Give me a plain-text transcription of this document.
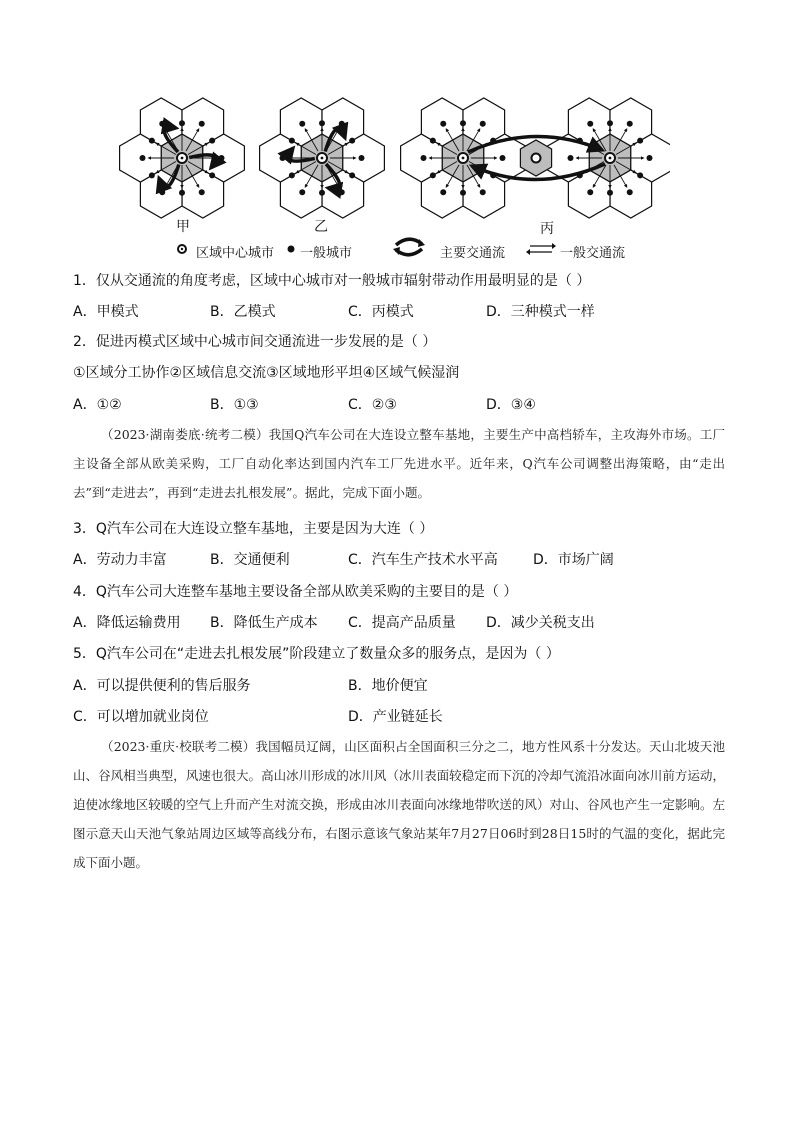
甲	乙	丙
区域中心城市 一般城市	主要交通流	一般交通流
1．仅从交通流的角度考虑，区域中心城市对一般城市辐射带动作用最明显的是（ ）
A．甲模式	B．乙模式	C．丙模式	D．三种模式一样
2．促进丙模式区域中心城市间交通流进一步发展的是（ ）
①区域分工协作②区域信息交流③区域地形平坦④区域气候湿润
A．①②	B．①③	C．②③	D．③④
（2023·湖南娄底·统考二模）我国Q汽车公司在大连设立整车基地，主要生产中高档轿车，主攻海外市场。工厂主设备全部从欧美采购，工厂自动化率达到国内汽车工厂先进水平。近年来，Q汽车公司调整出海策略，由“走出去”到“走进去”，再到“走进去扎根发展”。据此，完成下面小题。
3．Q汽车公司在大连设立整车基地，主要是因为大连（ ）
A．劳动力丰富	B．交通便利	C．汽车生产技术水平高	D．市场广阔
4．Q汽车公司大连整车基地主要设备全部从欧美采购的主要目的是（ ）
A．降低运输费用 B．降低生产成本 C．提高产品质量 D．减少关税支出
5．Q汽车公司在“走进去扎根发展”阶段建立了数量众多的服务点，是因为（ ）
A．可以提供便利的售后服务	B．地价便宜
C．可以增加就业岗位	D．产业链延长
（2023·重庆·校联考二模）我国幅员辽阔，山区面积占全国面积三分之二，地方性风系十分发达。天山北坡天池山、谷风相当典型，风速也很大。高山冰川形成的冰川风（冰川表面较稳定而下沉的冷却气流沿冰面向冰川前方运动，迫使冰缘地区较暖的空气上升而产生对流交换，形成由冰川表面向冰缘地带吹送的风）对山、谷风也产生一定影响。左图示意天山天池气象站周边区域等高线分布，右图示意该气象站某年7月27日06时到28日15时的气温的变化，据此完成下面小题。
